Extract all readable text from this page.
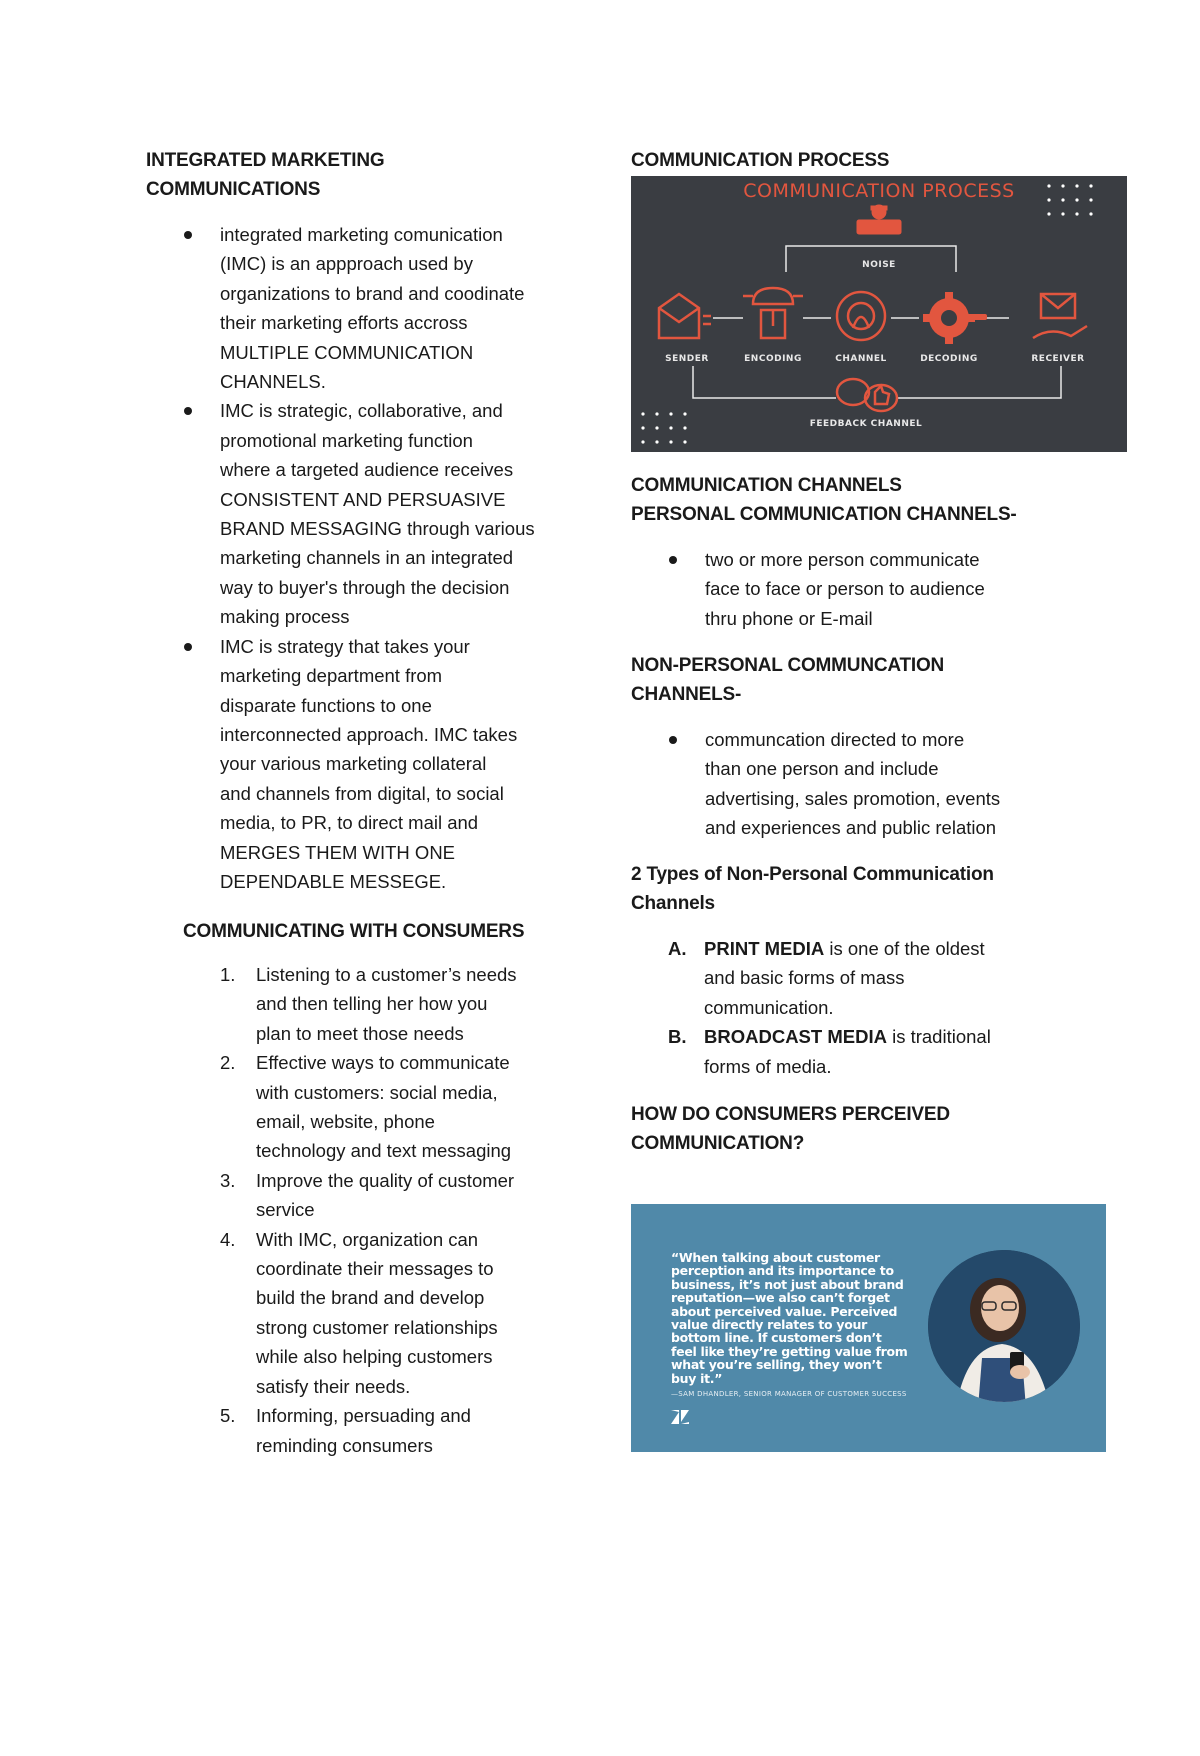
INTEGRATED MARKETING
COMMUNICATIONS
integrated marketing comunication
(IMC) is an appproach used by
organizations to brand and coodinate
their marketing efforts accross
MULTIPLE COMMUNICATION
CHANNELS.
IMC is strategic, collaborative, and
promotional marketing function
where a targeted audience receives
CONSISTENT AND PERSUASIVE
BRAND MESSAGING through various
marketing channels in an integrated
way to buyer's through the decision
making process
IMC is strategy that takes your
marketing department from
disparate functions to one
interconnected approach. IMC takes
your various marketing collateral
and channels from digital, to social
media, to PR, to direct mail and
MERGES THEM WITH ONE
DEPENDABLE MESSEGE.
COMMUNICATING WITH CONSUMERS
1. Listening to a customer’s needs
and then telling her how you
plan to meet those needs
2. Effective ways to communicate
with customers: social media,
email, website, phone
technology and text messaging
3. Improve the quality of customer
service
4. With IMC, organization can
coordinate their messages to
build the brand and develop
strong customer relationships
while also helping customers
satisfy their needs.
5. Informing, persuading and
reminding consumers
COMMUNICATION PROCESS
COMMUNICATION PROCESS
NOISE
SENDER	ENCODING	CHANNEL	DECODING	RECEIVER
FEEDBACK CHANNEL
COMMUNICATION CHANNELS
PERSONAL COMMUNICATION CHANNELS-
two or more person communicate
face to face or person to audience
thru phone or E-mail
NON-PERSONAL COMMUNCATION
CHANNELS-
communcation directed to more
than one person and include
advertising, sales promotion, events
and experiences and public relation
2 Types of Non-Personal Communication
Channels
A. PRINT MEDIA is one of the oldest
and basic forms of mass
communication.
B. BROADCAST MEDIA is traditional
forms of media.
HOW DO CONSUMERS PERCEIVED
COMMUNICATION?
“When talking about customer perception and its importance to business, it’s not just about brand reputation—we also can’t forget about perceived value. Perceived value directly relates to your bottom line. If customers don’t feel like they’re getting value from what you’re selling, they won’t buy it.”
—SAM DHANDLER, SENIOR MANAGER OF CUSTOMER SUCCESS
